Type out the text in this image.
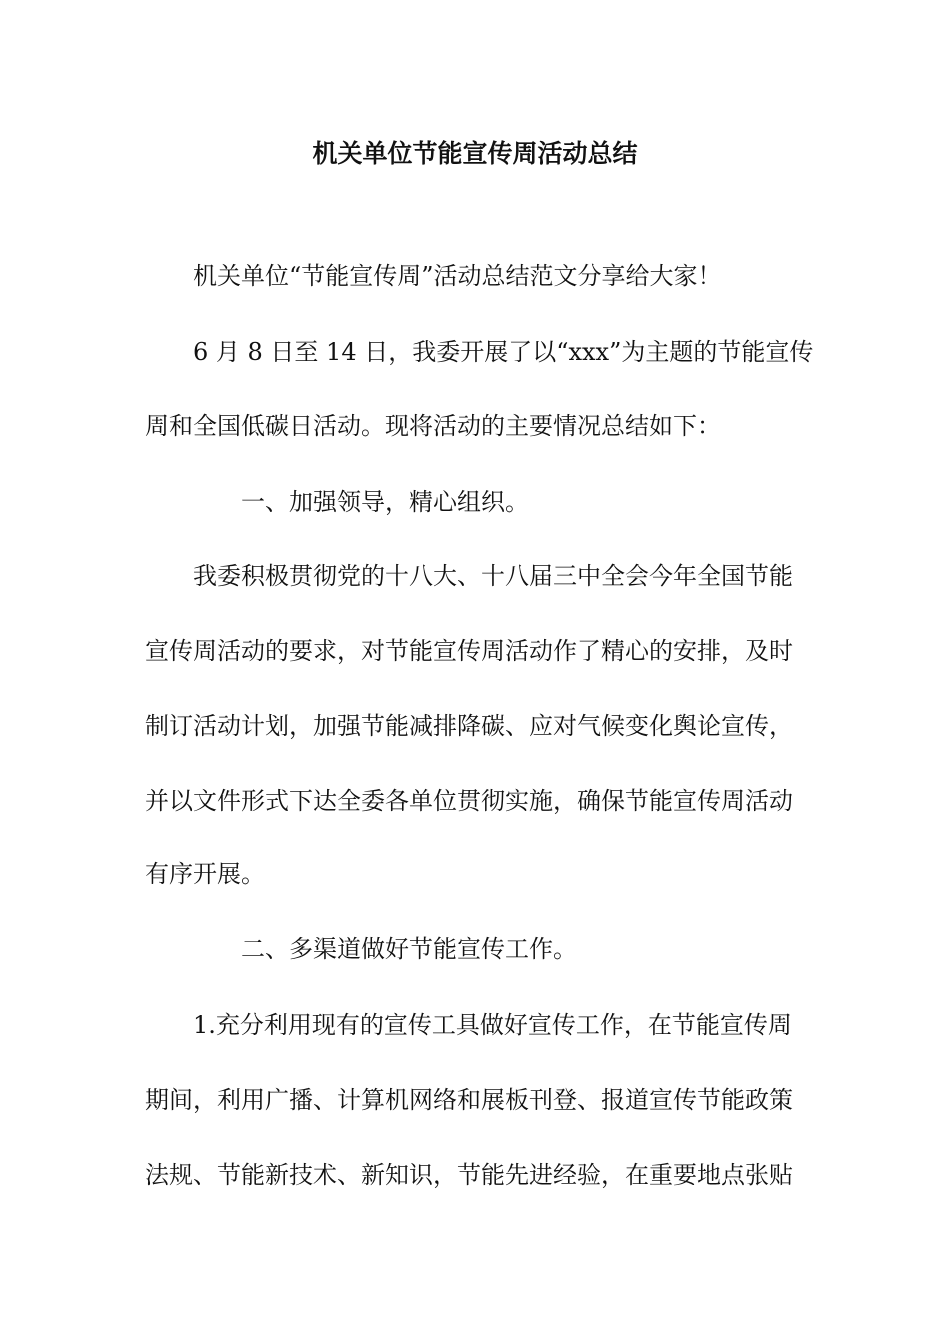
机关单位节能宣传周活动总结
机关单位“节能宣传周”活动总结范文分享给大家！
6 月 8 日至 14 日，我委开展了以“xxx”为主题的节能宣传
周和全国低碳日活动。现将活动的主要情况总结如下：
一、加强领导，精心组织。
我委积极贯彻党的十八大、十八届三中全会今年全国节能
宣传周活动的要求，对节能宣传周活动作了精心的安排，及时
制订活动计划，加强节能减排降碳、应对气候变化舆论宣传，
并以文件形式下达全委各单位贯彻实施，确保节能宣传周活动
有序开展。
二、多渠道做好节能宣传工作。
1.充分利用现有的宣传工具做好宣传工作，在节能宣传周
期间，利用广播、计算机网络和展板刊登、报道宣传节能政策
法规、节能新技术、新知识，节能先进经验，在重要地点张贴
